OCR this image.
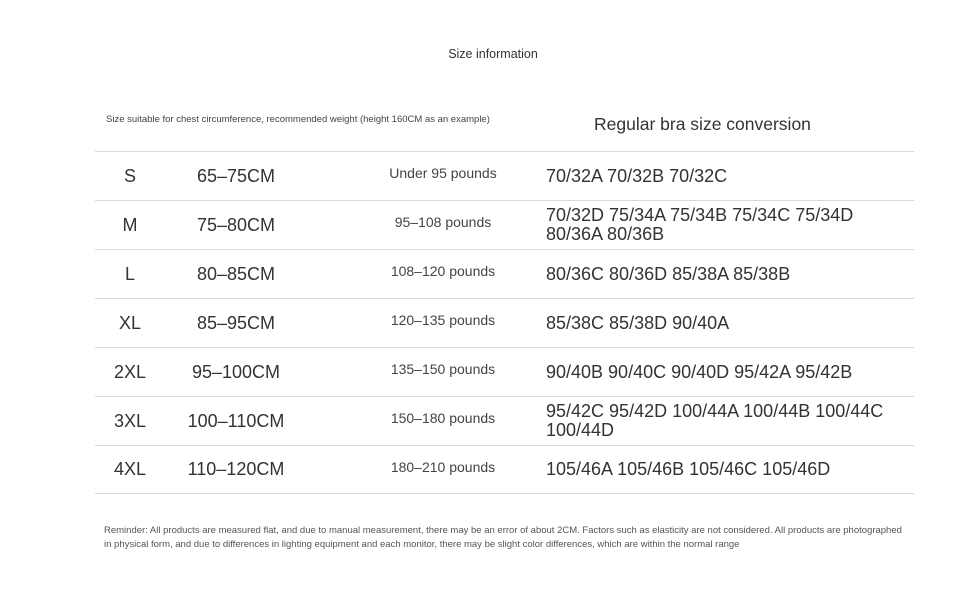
Size information
Size suitable for chest circumference, recommended weight (height 160CM as an example)	Regular bra size conversion
S	65–75CM	Under 95 pounds	70/32A 70/32B 70/32C
M	75–80CM	95–108 pounds	70/32D 75/34A 75/34B 75/34C 75/34D 80/36A 80/36B
L	80–85CM	108–120 pounds	80/36C 80/36D 85/38A 85/38B
XL	85–95CM	120–135 pounds	85/38C 85/38D 90/40A
2XL	95–100CM	135–150 pounds	90/40B 90/40C 90/40D 95/42A 95/42B
3XL	100–110CM	150–180 pounds	95/42C 95/42D 100/44A 100/44B 100/44C 100/44D
4XL	110–120CM	180–210 pounds	105/46A 105/46B 105/46C 105/46D
Reminder: All products are measured flat, and due to manual measurement, there may be an error of about 2CM. Factors such as elasticity are not considered. All products are photographed in physical form, and due to differences in lighting equipment and each monitor, there may be slight color differences, which are within the normal range
